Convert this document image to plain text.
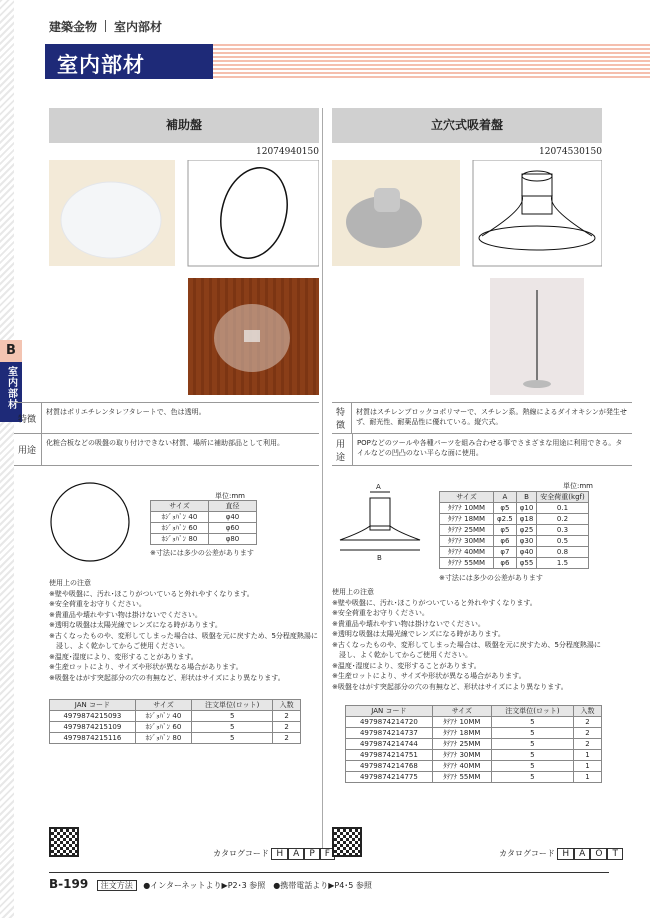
建築金物 室内部材
室内部材
B
室内部材
補助盤
12074940150
特徴
材質はポリエチレンタレフタレートで、色は透明。
用途
化粧合板などの吸盤の取り付けできない材質、場所に補助部品として利用。
単位:mm
サイズ	直径
ﾎｼﾞｮﾊﾞﾝ 40	φ40
ﾎｼﾞｮﾊﾞﾝ 60	φ60
ﾎｼﾞｮﾊﾞﾝ 80	φ80
※寸法には多少の公差があります
使用上の注意
※壁や吸盤に、汚れ･ほこりがついていると外れやすくなります。
※安全荷重をお守りください。
※貴重品や壊れやすい物は掛けないでください。
※透明な吸盤は太陽光線でレンズになる時があります。
※古くなったものや、変形してしまった場合は、吸盤を元に戻すため、5分程度熱湯に
　浸し、よく乾かしてからご使用ください。
※温度･湿度により、変形することがあります。
※生産ロットにより、サイズや形状が異なる場合があります。
※吸盤をはがす突起部分の穴の有無など、形状はサイズにより異なります。
JAN コード	サイズ	注文単位(ロット)	入数
4979874215093	ﾎｼﾞｮﾊﾞﾝ 40	5	2
4979874215109	ﾎｼﾞｮﾊﾞﾝ 60	5	2
4979874215116	ﾎｼﾞｮﾊﾞﾝ 80	5	2
カタログコード H A P F
立穴式吸着盤
12074530150
特徴
材質はスチレンブロックコポリマーで、スチレン系。熱線によるダイオキシンが発生せず、耐光性、耐薬品性に優れている。縦穴式。
用途
POPなどのツールや各種パーツを組み合わせる事でさまざまな用途に利用できる。タイルなどの凹凸のない平らな面に使用。
A
B
単位:mm
サイズ	A	B	安全荷重(kgf)
ﾀﾃｱﾅ 10MM	φ5	φ10	0.1
ﾀﾃｱﾅ 18MM	φ2.5	φ18	0.2
ﾀﾃｱﾅ 25MM	φ5	φ25	0.3
ﾀﾃｱﾅ 30MM	φ6	φ30	0.5
ﾀﾃｱﾅ 40MM	φ7	φ40	0.8
ﾀﾃｱﾅ 55MM	φ6	φ55	1.5
※寸法には多少の公差があります
使用上の注意
※壁や吸盤に、汚れ･ほこりがついていると外れやすくなります。
※安全荷重をお守りください。
※貴重品や壊れやすい物は掛けないでください。
※透明な吸盤は太陽光線でレンズになる時があります。
※古くなったものや、変形してしまった場合は、吸盤を元に戻すため、5分程度熱湯に
　浸し、よく乾かしてからご使用ください。
※温度･湿度により、変形することがあります。
※生産ロットにより、サイズや形状が異なる場合があります。
※吸盤をはがす突起部分の穴の有無など、形状はサイズにより異なります。
JAN コード	サイズ	注文単位(ロット)	入数
4979874214720	ﾀﾃｱﾅ 10MM	5	2
4979874214737	ﾀﾃｱﾅ 18MM	5	2
4979874214744	ﾀﾃｱﾅ 25MM	5	2
4979874214751	ﾀﾃｱﾅ 30MM	5	1
4979874214768	ﾀﾃｱﾅ 40MM	5	1
4979874214775	ﾀﾃｱﾅ 55MM	5	1
カタログコード H A O T
B-199 注文方法 ●インターネットより▶P2･3 参照　●携帯電話より▶P4･5 参照
